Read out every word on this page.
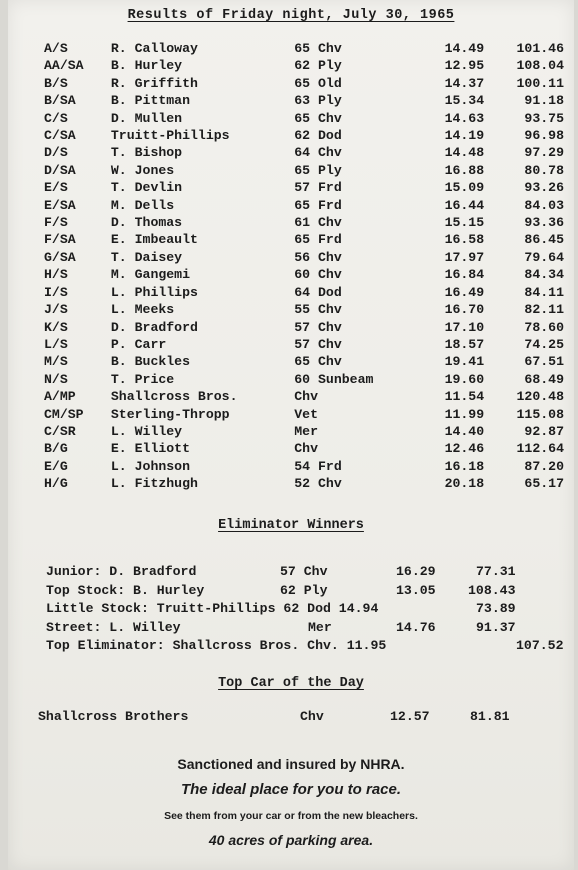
Results of Friday night, July 30, 1965
A/S	R. Calloway	65 Chv	14.49	101.46
AA/SA	B. Hurley	62 Ply	12.95	108.04
B/S	R. Griffith	65 Old	14.37	100.11
B/SA	B. Pittman	63 Ply	15.34	91.18
C/S	D. Mullen	65 Chv	14.63	93.75
C/SA	Truitt-Phillips	62 Dod	14.19	96.98
D/S	T. Bishop	64 Chv	14.48	97.29
D/SA	W. Jones	65 Ply	16.88	80.78
E/S	T. Devlin	57 Frd	15.09	93.26
E/SA	M. Dells	65 Frd	16.44	84.03
F/S	D. Thomas	61 Chv	15.15	93.36
F/SA	E. Imbeault	65 Frd	16.58	86.45
G/SA	T. Daisey	56 Chv	17.97	79.64
H/S	M. Gangemi	60 Chv	16.84	84.34
I/S	L. Phillips	64 Dod	16.49	84.11
J/S	L. Meeks	55 Chv	16.70	82.11
K/S	D. Bradford	57 Chv	17.10	78.60
L/S	P. Carr	57 Chv	18.57	74.25
M/S	B. Buckles	65 Chv	19.41	67.51
N/S	T. Price	60 Sunbeam	19.60	68.49
A/MP	Shallcross Bros.	Chv	11.54	120.48
CM/SP	Sterling-Thropp	Vet	11.99	115.08
C/SR	L. Willey	Mer	14.40	92.87
B/G	E. Elliott	Chv	12.46	112.64
E/G	L. Johnson	54 Frd	16.18	87.20
H/G	L. Fitzhugh	52 Chv	20.18	65.17
Eliminator Winners
Junior: D. Bradford	57 Chv	16.29	77.31
Top Stock: B. Hurley	62 Ply	13.05 108.43
Little Stock: Truitt-Phillips 62 Dod 14.94	73.89
Street: L. Willey	Mer	14.76	91.37
Top Eliminator: Shallcross Bros. Chv. 11.95	107.52
Top Car of the Day
Shallcross Brothers	Chv	12.57	81.81
Sanctioned and insured by NHRA.
The ideal place for you to race.
See them from your car or from the new bleachers.
40 acres of parking area.
